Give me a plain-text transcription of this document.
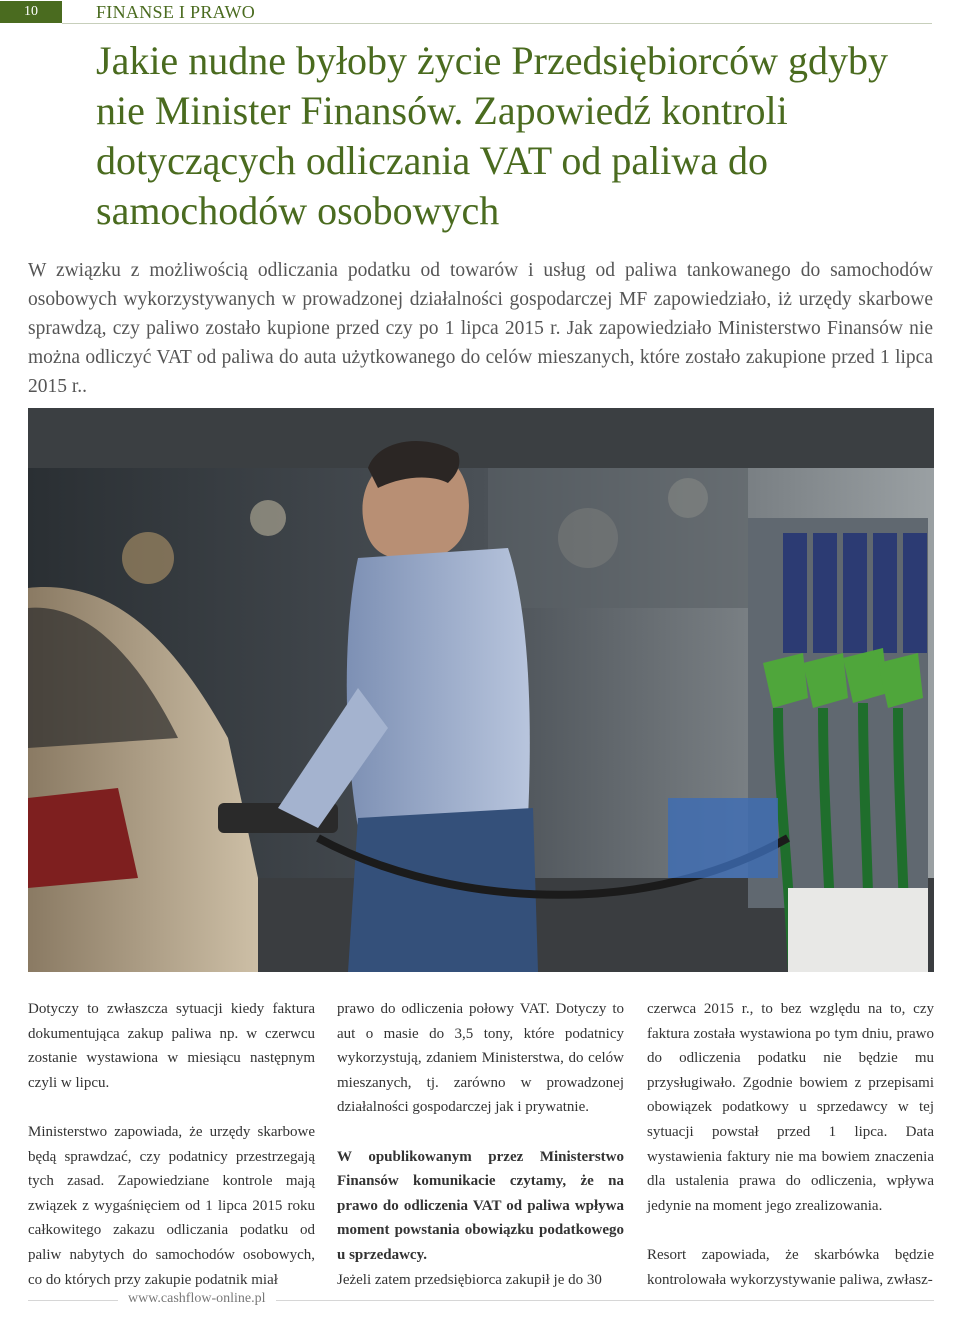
10	FINANSE I PRAWO
Jakie nudne byłoby życie Przedsiębiorców gdyby nie Minister Finansów. Zapowiedź kontroli dotyczących odliczania VAT od paliwa do samochodów osobowych

W związku z możliwością odliczania podatku od towarów i usług od paliwa tankowanego do samochodów osobowych wykorzystywanych w prowadzonej działalności gospodarczej MF zapowiedziało, iż urzędy skarbowe sprawdzą, czy paliwo zostało kupione przed czy po 1 lipca 2015 r. Jak zapowiedziało Ministerstwo Finansów nie można odliczyć VAT od paliwa do auta użytkowanego do celów mieszanych, które zostało zakupione przed 1 lipca 2015 r..

Dotyczy to zwłaszcza sytuacji kiedy faktura dokumentująca zakup paliwa np. w czerwcu zostanie wystawiona w miesiącu następnym czyli w lipcu.

Ministerstwo zapowiada, że urzędy skarbowe będą sprawdzać, czy podatnicy przestrzegają tych zasad. Zapowiedziane kontrole mają związek z wygaśnięciem od 1 lipca 2015 roku całkowitego zakazu odliczania podatku od paliw nabytych do samochodów osobowych, co do których przy zakupie podatnik miał

prawo do odliczenia połowy VAT. Dotyczy to aut o masie do 3,5 tony, które podatnicy wykorzystują, zdaniem Ministerstwa, do celów mieszanych, tj. zarówno w prowadzonej działalności gospodarczej jak i prywatnie.

W opublikowanym przez Ministerstwo Finansów komunikacie czytamy, że na prawo do odliczenia VAT od paliwa wpływa moment powstania obowiązku podatkowego u sprzedawcy.

Jeżeli zatem przedsiębiorca zakupił je do 30

czerwca 2015 r., to bez względu na to, czy faktura została wystawiona po tym dniu, prawo do odliczenia podatku nie będzie mu przysługiwało. Zgodnie bowiem z przepisami obowiązek podatkowy u sprzedawcy w tej sytuacji powstał przed 1 lipca. Data wystawienia faktury nie ma bowiem znaczenia dla ustalenia prawa do odliczenia, wpływa jedynie na moment jego zrealizowania.

Resort zapowiada, że skarbówka będzie kontrolowała wykorzystywanie paliwa, zwłasz-

www.cashflow-online.pl
